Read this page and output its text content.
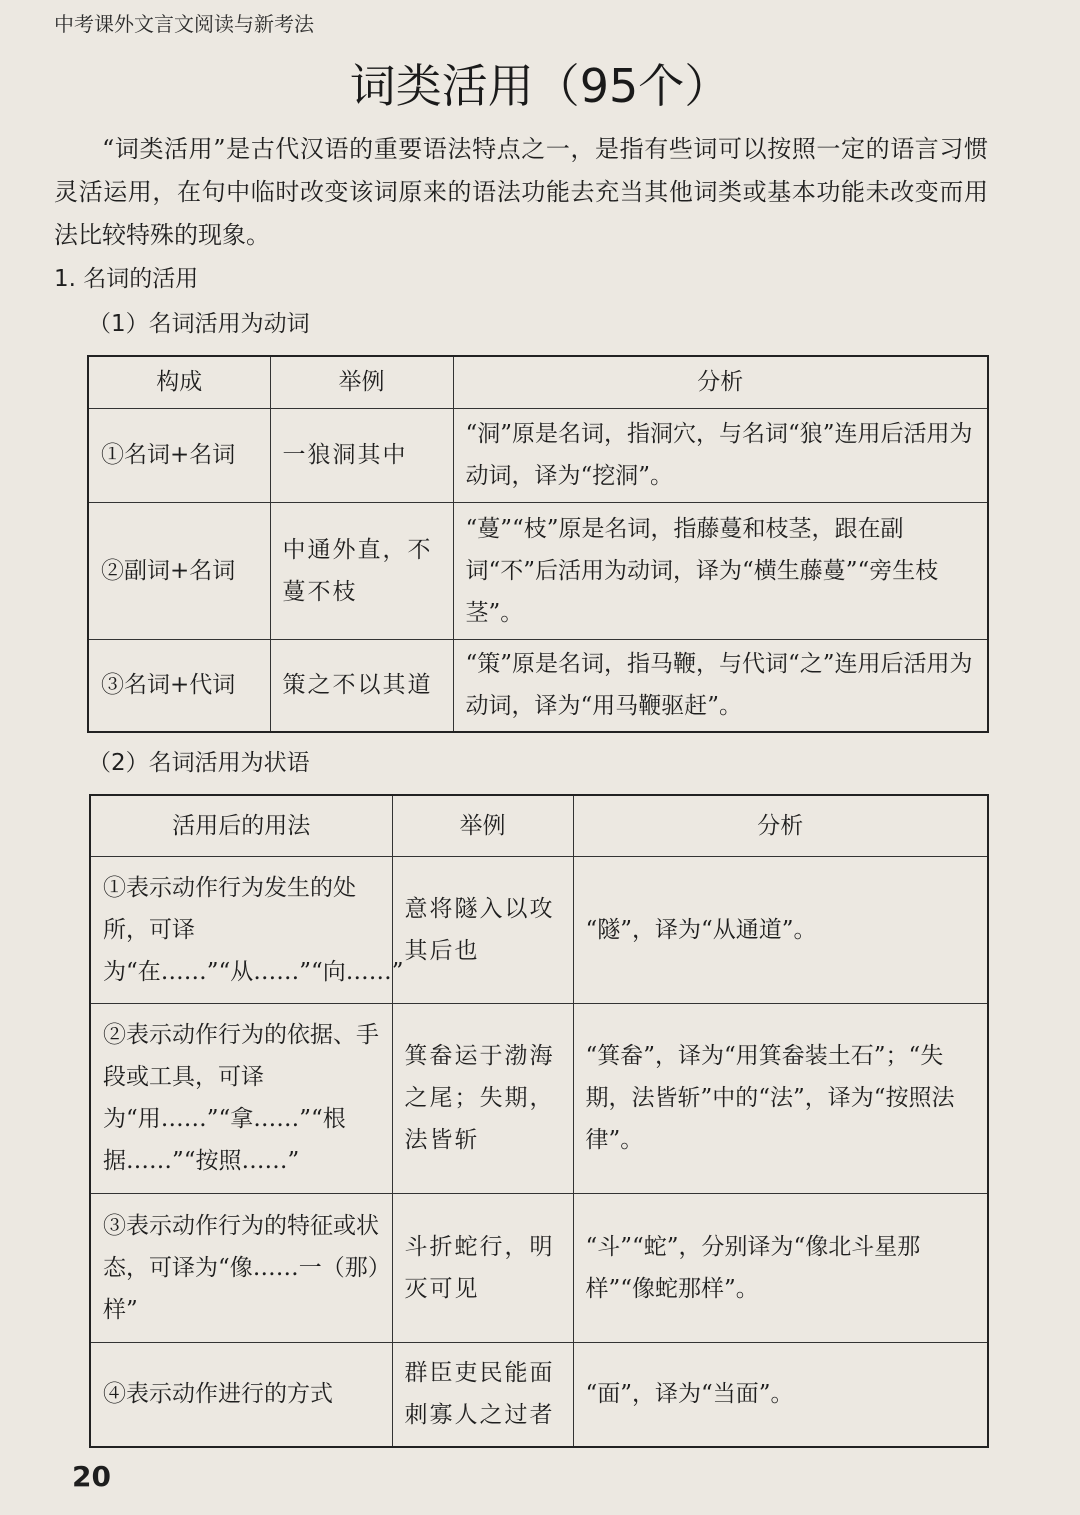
中考课外文言文阅读与新考法
词类活用（95个）
“词类活用”是古代汉语的重要语法特点之一，是指有些词可以按照一定的语言习惯灵活运用，在句中临时改变该词原来的语法功能去充当其他词类或基本功能未改变而用法比较特殊的现象。
1. 名词的活用
（1）名词活用为动词
构成	举例	分析
①名词+名词	一狼洞其中	“洞”原是名词，指洞穴，与名词“狼”连用后活用为动词，译为“挖洞”。
②副词+名词	中通外直，不蔓不枝	“蔓”“枝”原是名词，指藤蔓和枝茎，跟在副词“不”后活用为动词，译为“横生藤蔓”“旁生枝茎”。
③名词+代词	策之不以其道	“策”原是名词，指马鞭，与代词“之”连用后活用为动词，译为“用马鞭驱赶”。
（2）名词活用为状语
活用后的用法	举例	分析
①表示动作行为发生的处所，可译为“在……”“从……”“向……”	意将隧入以攻其后也	“隧”，译为“从通道”。
②表示动作行为的依据、手段或工具，可译为“用……”“拿……”“根据……”“按照……”	箕畚运于渤海之尾；失期，法皆斩	“箕畚”，译为“用箕畚装土石”；“失期，法皆斩”中的“法”，译为“按照法律”。
③表示动作行为的特征或状态，可译为“像……一（那）样”	斗折蛇行，明灭可见	“斗”“蛇”，分别译为“像北斗星那样”“像蛇那样”。
④表示动作进行的方式	群臣吏民能面刺寡人之过者	“面”，译为“当面”。
20
